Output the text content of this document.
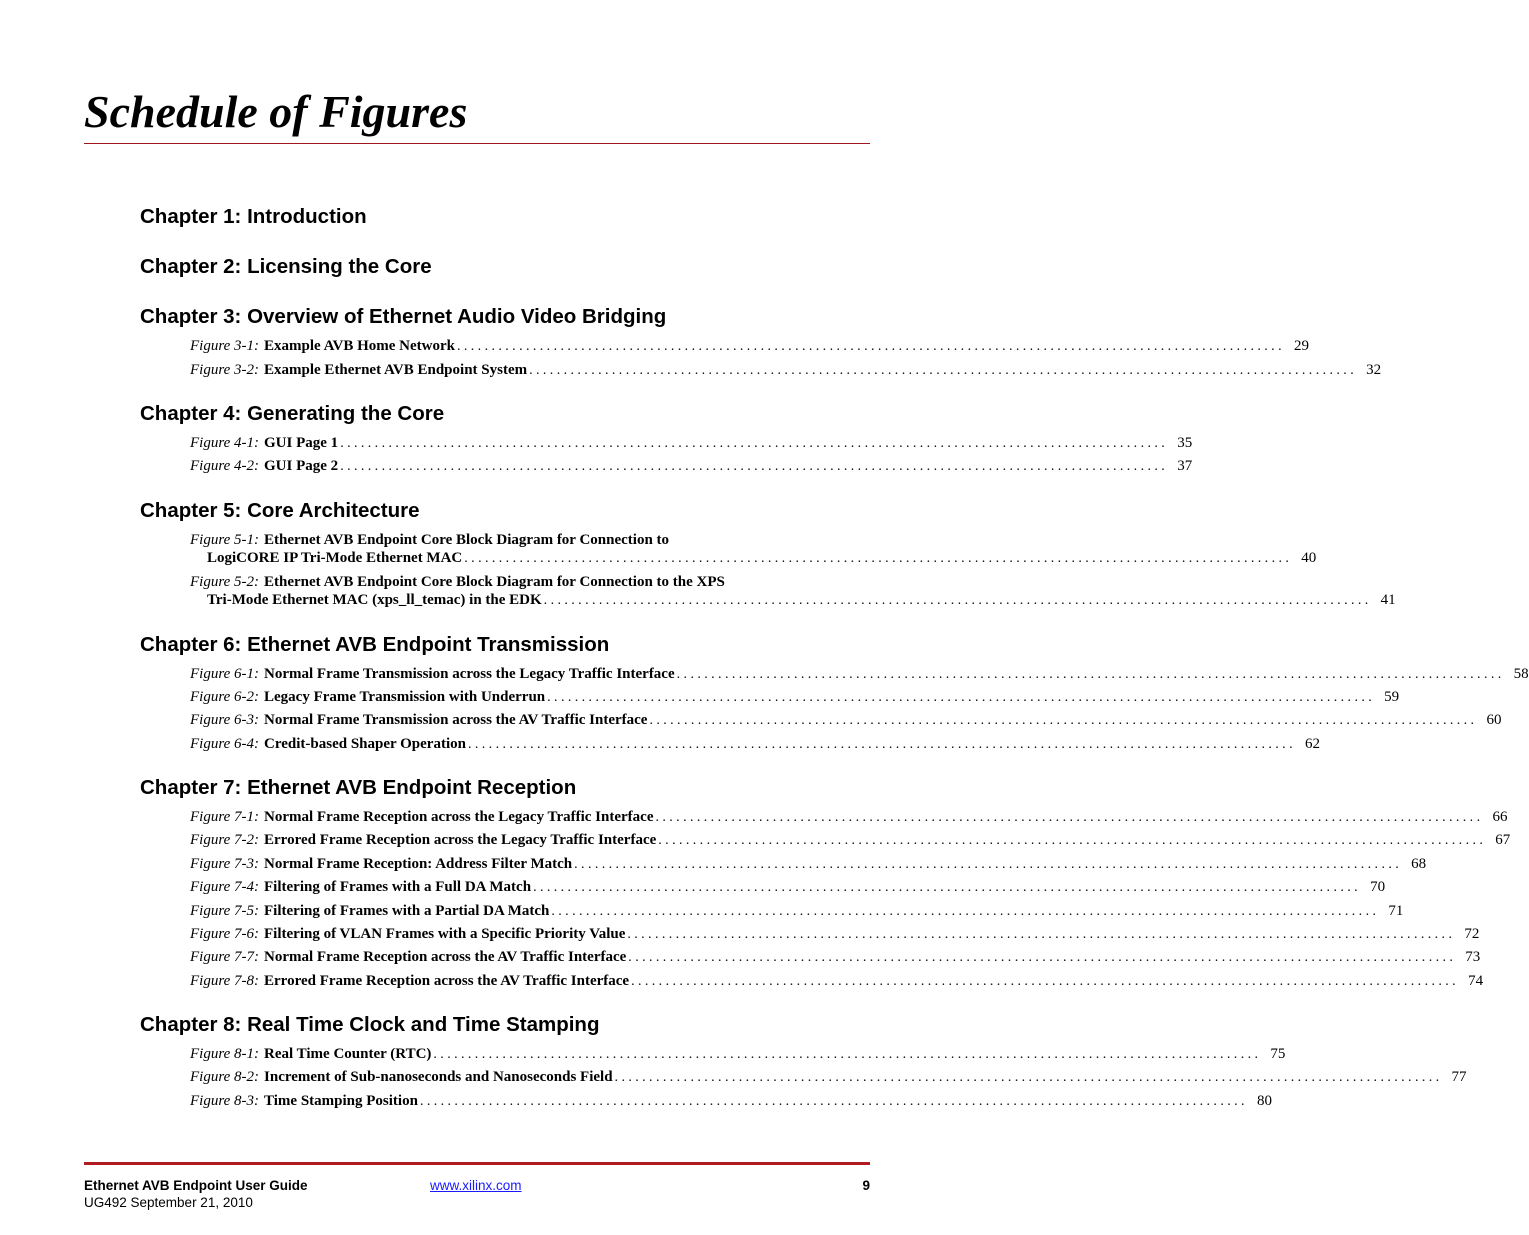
Schedule of Figures
Chapter 1: Introduction
Chapter 2: Licensing the Core
Chapter 3: Overview of Ethernet Audio Video Bridging
Figure 3-1: Example AVB Home Network ........................................................................................................................ 29
Figure 3-2: Example Ethernet AVB Endpoint System ........................................................................................................................ 32
Chapter 4: Generating the Core
Figure 4-1: GUI Page 1 ........................................................................................................................ 35
Figure 4-2: GUI Page 2 ........................................................................................................................ 37
Chapter 5: Core Architecture
Figure 5-1: Ethernet AVB Endpoint Core Block Diagram for Connection to
LogiCORE IP Tri-Mode Ethernet MAC ........................................................................................................................ 40
Figure 5-2: Ethernet AVB Endpoint Core Block Diagram for Connection to the XPS
Tri-Mode Ethernet MAC (xps_ll_temac) in the EDK ........................................................................................................................ 41
Chapter 6: Ethernet AVB Endpoint Transmission
Figure 6-1: Normal Frame Transmission across the Legacy Traffic Interface ........................................................................................................................ 58
Figure 6-2: Legacy Frame Transmission with Underrun ........................................................................................................................ 59
Figure 6-3: Normal Frame Transmission across the AV Traffic Interface ........................................................................................................................ 60
Figure 6-4: Credit-based Shaper Operation ........................................................................................................................ 62
Chapter 7: Ethernet AVB Endpoint Reception
Figure 7-1: Normal Frame Reception across the Legacy Traffic Interface ........................................................................................................................ 66
Figure 7-2: Errored Frame Reception across the Legacy Traffic Interface ........................................................................................................................ 67
Figure 7-3: Normal Frame Reception: Address Filter Match ........................................................................................................................ 68
Figure 7-4: Filtering of Frames with a Full DA Match ........................................................................................................................ 70
Figure 7-5: Filtering of Frames with a Partial DA Match ........................................................................................................................ 71
Figure 7-6: Filtering of VLAN Frames with a Specific Priority Value ........................................................................................................................ 72
Figure 7-7: Normal Frame Reception across the AV Traffic Interface ........................................................................................................................ 73
Figure 7-8: Errored Frame Reception across the AV Traffic Interface ........................................................................................................................ 74
Chapter 8: Real Time Clock and Time Stamping
Figure 8-1: Real Time Counter (RTC) ........................................................................................................................ 75
Figure 8-2: Increment of Sub-nanoseconds and Nanoseconds Field ........................................................................................................................ 77
Figure 8-3: Time Stamping Position ........................................................................................................................ 80
Ethernet AVB Endpoint User Guide
UG492 September 21, 2010
www.xilinx.com	9
